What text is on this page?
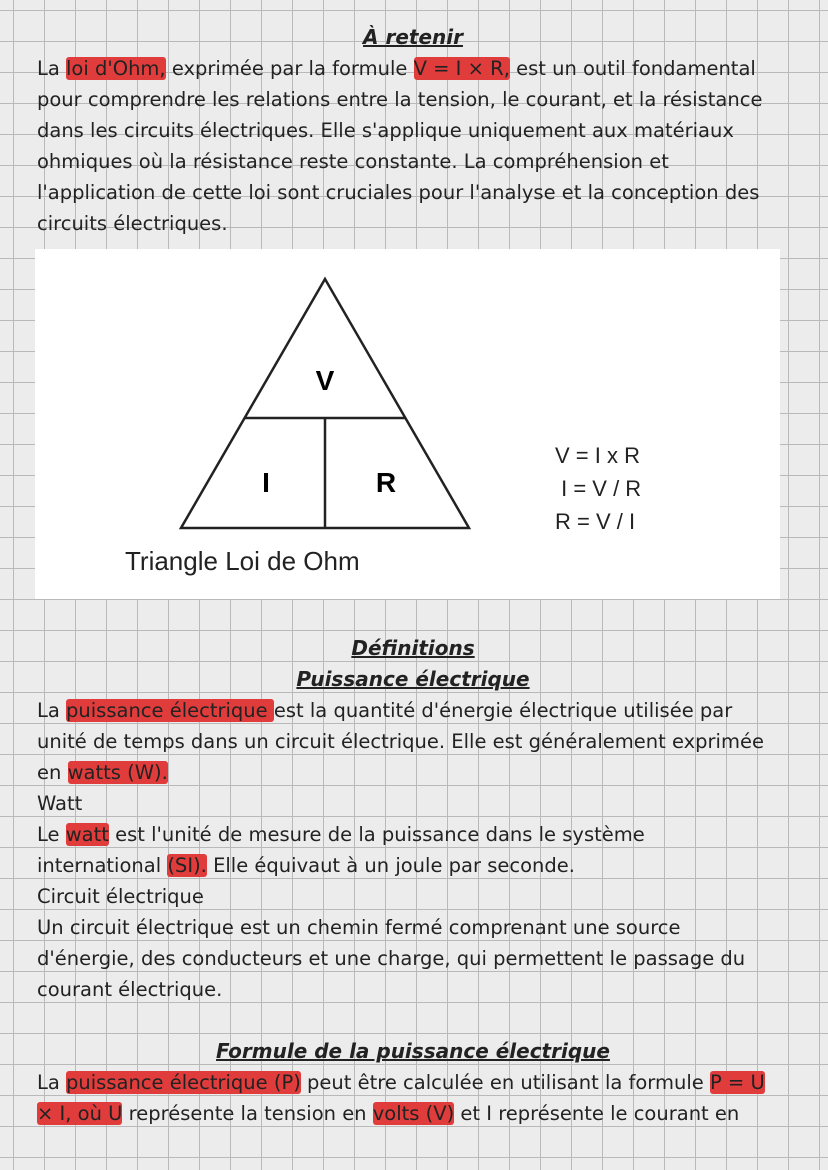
À retenir

La loi d'Ohm, exprimée par la formule V = I × R, est un outil fondamental

pour comprendre les relations entre la tension, le courant, et la résistance

dans les circuits électriques. Elle s'applique uniquement aux matériaux

ohmiques où la résistance reste constante. La compréhension et

l'application de cette loi sont cruciales pour l'analyse et la conception des

circuits électriques.

V
I	R
Triangle Loi de Ohm
V = I x R
I = V / R
R = V / I
Définitions
Puissance électrique

La puissance électrique est la quantité d'énergie électrique utilisée par

unité de temps dans un circuit électrique. Elle est généralement exprimée

en watts (W).

Watt

Le watt est l'unité de mesure de la puissance dans le système

international (SI). Elle équivaut à un joule par seconde.

Circuit électrique

Un circuit électrique est un chemin fermé comprenant une source

d'énergie, des conducteurs et une charge, qui permettent le passage du

courant électrique.

Formule de la puissance électrique

La puissance électrique (P) peut être calculée en utilisant la formule P = U

× I, où U représente la tension en volts (V) et I représente le courant en
